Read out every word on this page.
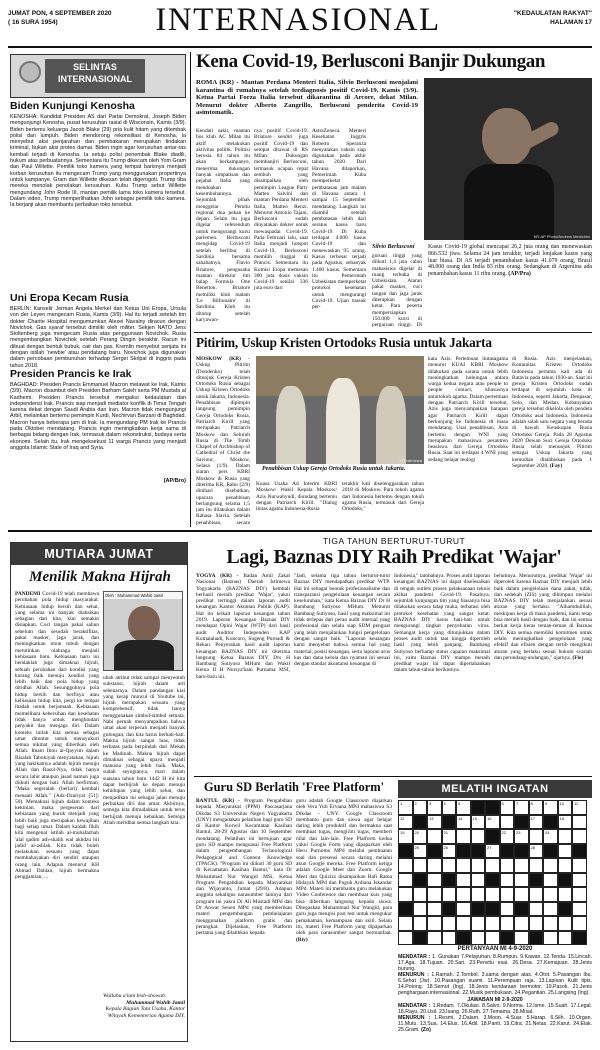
JUMAT PON, 4 SEPTEMBER 2020
( 16 SURA 1954)	INTERNASIONAL	"KEDAULATAN RAKYAT"
HALAMAN 17
SELINTAS
INTERNASIONAL
Biden Kunjungi Kenosha
KENOSHA: Kandidat Presiden AS dari Partai Demokrat, Joseph Biden mengunjungi Kenosha, pusat kerusuhan rasial di Wisconsin, Kamis (3/9). Biden bertemu keluarga Jacob Blake (29) pria kulit hitam yang ditembak polisi dan lumpuh. Biden mendorong rekonsiliasi di Kenosha, la menyebut aksi penjarahan dan pembakaran merupakan tindakan kriminal, bukan aksi protes damai. Biden ingin agar kerusuhan antar-ras kembali terjadi di Kenosha. Ia setuju polisi penembak Blake diadili, hukum atas perbuatannya. Sementara itu Trump dikecam oleh Yom Gram dan Paul Willette. Pemilik toko kamera yang tempat barisnya menjadi korban kerusuhan itu mengecam Trump yang menggunakan propertinya untuk kampanye. Gram dan Willette dikesan telah digerogoti. Trump tiba mereka menolak penolakan kerusuhan. Kubu Trump sebut Willette mengundang John Rode III, mantan pemilik lama toko kamera tersebut. Dalam video, Trump memperlihatkan John sebagai pemilik toko kamera. Ia berjanji akan membantu perbaikan toko tersebut.
Uni Eropa Kecam Rusia
BERLIN: Kanselir Jerman Angela Merkel dan Ketua Uni Eropa, Ursula von der Leyen mengecam Rusia, Kamis (3/9). Hal itu terjadi setelah tim dokter Charite Hospital mengumumkan Alexei Navalny diracun dengan Novichok. Gas syaraf tersebut dimiliki oleh militer. Sekjen NATO Jens Stoltenberg juga mengecam Rusia atas penggunaan Novichok. Rusia mengembangkan Novichok setelah Perang Dingin berakhir. Racun ini dibuat dengan bentuk bubuk, cair dan gas. Kremlin menyebut senjata ini dengan istilah 'newbie' atau pendatang baru. Novichok juga digunakan dalam percobaan pembunuhan terhadap Sergei Skripal di Inggris pada tahun 2018.
Presiden Prancis ke Irak
BAGHDAD: Presiden Prancis Emmanuel Macron melawat ke Irak, Kamis (3/9). Macron disambut oleh Presiden Barham Saleh serta PM Mustafa al Kadhemi. Presiden Prancis tersebut mengakui kedaulatan dan independensi Irak. Prancis siap menjadi mediator konflik di Timur Tengah karena dekat dengan Saudi Arabia dan Iran. Macron tidak mengunjungi Arbil, melainkan bertemu pemimpin Kurdi, Nechirvan Barzani di Baghdad. Macron hanya beberapa jam di Irak. Ia mengundang PM Irak ke Prancis pada Oktober mendatang. Prancis ingin meningkatkan kerja sama di berbagai bidang dengan Irak, termasuk dalam rekonstruksi, budaya serta ekonomi. Selain itu, Irak mengeksekusi 11 warga Prancis yang menjadi anggota Islamic State of Iraq and Syria.
(AP/Bro)
Kena Covid-19, Berlusconi Banjir Dukungan
ROMA (KR) - Mantan Perdana Menteri Italia, Silvio Berlusconi menjalani karantina di rumahnya setelah terdiagnosis positif Covid-19, Kamis (3/9). Ketua Partai Forza Italia tersebut dikarantina di Arcore, dekat Milan. Menurut dokter Alberto Zangrillo, Berlusconi penderita Covid-19 asimtomatik.
Kendati sakit, mantan bos klub AC Milan itu aktif melakukan aktivitas politik. Politisi berusia 84 tahun itu akan berkampanye, menerima dukungan banyak simpatisan dan pejabat Italia yang mendoakan kesembuhannya. Sejumlah pihak menggelar Pemilu regional dua pekan ke depan. Selain itu juga digelar referendum untuk mengurangi kursi parlemen. Berlusconi mengidap Covid-19 setelah berlibur di Sardinia bersama sahabatnya, Flavio Briatore, pengusaha mantan direktur tim balap Formula One Benetton. Briatore memiliki klub malam 'Le Billionaire' di Sardinia. Klub itu ditutup setelah karyawan-
nya positif Covid-19. Briatore sendiri juga positif Covid-19 dan sempat dirawat di RS Milan. Dukungan membanjiri Berlusconi, termasuk ucapan cepat sembuh yang disampaikan oleh pemimpin League Party Matteo Salvini dan mantan Perdana Menteri Italia, Matteo Renzi. Menurut Antonio Tajani, Berlusconi sudah dinyatakan dokter untuk mewaspadai Covid-19. Pada Februari lalu, saat Italia menjadi hotspot Covid-19, Berlusconi memilih tinggal di Prancis. Sementara itu Komisi Eropa memesan 300 juta dosis vaksin Covid-19 senilai 336 juta euro dari
AstraZeneca. Menteri Kesehatan Inggris Roberto Speranza menyatakan vaksin siap digunakan pada akhir tahun 2020. Dari Havana dilaporkan, Pemerintah Kuba memperketat pembatasan jam malam di Havana antara 1 sampai 15 September mendatang. Langkah ini diambil setelah pembatasan lebih dari seratus kasus baru Covid-19. Di Kuba terdapat 4.000 kasus Covid-19 dan menewaskan 95 orang. Kasus terbesar terjadi pada Agustus, sebanyak 1.400 kasus. Sementara itu Pemerintah Uzbekistan memperketat protokol kesehatan untuk mengurangi Covid-19. Ujian masuk per-
KR-AP Photo/Andrew Medichini
Silvio Berlusconi
guruan tinggi yang diikuti 1,4 juta calon mahasiswa digelar di ruang terbuka di Uzbekistan. Ataran pakai masker, cuci tangan dan jaga jarak diterapkan dengan ketat. Para peserta mempersiapkan 150.000 kursi di perguruan tinggi. Di
Kasus Covid-19 global mencapai 26,2 juta orang dan menewaskan 866.532 jiwa. Selama 24 jam terakhir, terjadi lonjakan kasus yang luar biasa. Di AS terjadi penambahan kasus 41.079 orang, Brasil 48.000 orang dan India 83 ribu orang. Sedangkan di Argentina ada penambahan kasus 11 ribu orang. (AP/Pra)
Pitirim, Uskup Kristen Ortodoks Rusia untuk Jakarta
MOSKOW (KR) - Uskup Pitirim (Dondenko) telah ditunjuk Gereja Kristen Ortodoks Rusia sebagai Uskup Kristen Ortodoks untuk Jakarta, Indonesia. Penahbisan dipimpin langsung pemimpin Gereja Ortodoks Rusia, Patriarch Kirill yang merupakan Patriarch Moskow dan Seluruh Rusia di The Tomb Chapel of Archbishop of Cathedral of Christ the Saviour, Moskow, Selasa (1/9). Dalam siaran pers KBRI Moskow di Rusia yang diterima KR, Rabu (2/9) dinihari disebutkan, upacara penahbisan berlangsung selama 1,5 jam itu dilakukan dalam Bahasa Slavia. Setelah penahbisan, secara
KR-istimewa
Penahbisan Uskup Gereja Ortodoks Rusia untuk Jakarta.
Kuasa Usaha Ad Interim KBRI Moskow/ Wakil Kepala Moskow/ Azis Nurwahyudi, diundang bertemu dengan Patriarch Kirill. "Dialog lintas agama Indonesia-Rusia
terakhir kali diselenggarakan tahun 2018 di Moskow. Para tokoh agama dari Indonesia bertemu dengan tokoh agama Rusia, termasuk dari Gereja Ortodoks,"
kata Azis. Pertemuan lintasagama menurut KUAI KBRI Moskow dilakukan pada sarana untuk lebih meningkatkan hubungan antara warga kedua negara atau people to people contact, khususnya antartokoh agama. Dalam pertemuan dengan Patriarch Kirill tersebut, Azis juga menyampaikan harapan agar Patriarch Kirill dapat berkunjung ke Indonesia di masa mendatang. Usai penahbisan, Azis bertemu dengan WNI yang merupakan mahasiswa pesantren beasiswa dari Gereja Ortodoks Rusia. Saat ini terdapat 4 WNI yang sedang belajar teologi
di Rusia. Azis menjelaskan, Komunitas Kristen Ortodoks Indonesia pertama kali ada di Batavia pada tahun 1930-an. Saat ini gereja Kristen Ortodoks sudah terdapat di sejumlah kota di Indonesia, seperti Jakarta, Denpasar, Solo, dan Medan. Kebanyakan gereja tersebut dikelola oleh pendeta Ortodoks asal Indonesia. Indonesia adalah salah satu negara yang berada di bawah Keuskupan Rusia Ortodoks Gereja. Pada 28 Agustus 2020 Dewan Suci Gereja Ortodoks Rusia telah menunjuk Pitirim sebagai Uskup Jakarta yang kemudian ditahbiskan pada 1 September 2020. (Fay)
MUTIARA JUMAT
Menilik Makna Hijrah
PANDEMI Covid-19 telah membawa perubahan pola hidup masyarakat. Kebiasaan hidup bersih dan sehat, yang selama ini banyak diabaikan sebagian dari kita, kini semakin disiapkan. Cuci tangan pakai sabun sebelum dan sesudah beraktifitas, pakai masker, jaga jarak, dan meningkatkan imun tubuh dengan merutinkan olahraga menjadi kebiasaan baru. Kebiasaan baru ini hendaklah juga dimaknai hijrah, sebuah perubahan dari kondisi yang kurang baik menuju kondisi yang lebih baik dan pola hidup yang diridhai Allah. Sesungguhnya pola hidup bersih dan berfisya atau kebiasaan hidup kita, pergi ke tempat ibadah untuk berjamaah. Kebiasaan memelihara kebersihan dan kesehatan tidak hanya untuk menghindari penyakit dan menjaga diri. Dalam konteks inilah kita semua sebagai umat dituntut untuk mensyukuri semua nikmat yang diberikan oleh Allah. Imam Ibnu al-Qayyim dalam Risalah Tabukiyah menyatakan, hijrah yang hakikatnya adalah hijrah menuju Allah dan Rasul-Nya, tidak hanya secara lahir ataupun jasad namun juga diikuti dengan hati. Allah berfirman, "Maka segeralah (berlari) kembali menaati Allah." (Adz-Dzariyat [51]: 50). Memaknai hijrah dalam konteks kekinian, maka pergeseran dari kebiasaan yang buruk menjadi yang lebih baik juga merupakan kewajiban bagi setiap umat. Dalam kaidah fikih kita mengenal istilah al-muhafazhah 'alal qadim ash-shalih wal akhdzu bil jadid al-ashlah. Kita tidak boleh melakukan sesuatu yang dapat membahayakan diri sendiri ataupun orang lain. Adapun menurut KH Ahmad Dahlan, hijrah bermakna penggantian, ...
Oleh : Muhammad Wahib Jamil
ubah atribut tidak sampai menyentuh substansi, hijrah dalam arti sebenarnya. Dalam pandangan kiai yang kerap muncul di Youtube ini, hijrah merupakan sesuatu yang komprehensif, tidak hanya menggunakan simbol-simbol semata. Nabi pernah menyampaikan bahwa umat akan terpecah menjadi banyak golongan, dan kita harus berhati-hati. Makna hijrah sangat luas, tidak terbatas pada berpindah dari Mekah ke Madinah. Makna hijrah dapat dimaknai sebagai upaya menjadi manusia yang lebih baik. Maka, sudah seyogianya, mari dalam suasana tahun baru 1442 H ini kita dapat berhijrah ke depan menuju kehidupan yang lebih sehat, dan menjadikan ini sebagai jalan menuju perbaikan diri dan umat. Akhirnya, semoga kita dimudahkan untuk terus berhijrah menuju kebaikan. Semoga Allah meridhai semua langkah kita.
Wallahu a'lam bish-showab.
Muhammad Wahib Jamil
Kepala Bagian Tata Usaha, Kantor Wilayah Kementerian Agama DIY.
TIGA TAHUN BERTURUT-TURUT
Lagi, Baznas DIY Raih Predikat 'Wajar'
YOGYA (KR) - Badan Amil Zakat Nasional (Baznas) Daerah Istimewa Yogyakarta (BAZNAS DIY) kembali berhasil meraih predikat 'Wajar', yakni predikat tertinggi dalam laporan audit keuangan Kantor Akuntan Publik (KAP). Hal itu terkait laporan keuangan tahun 2019. Laporan Keuangan Baznas DIY mendapat Opini Wajar (WTP) dari hasil audit Auditor Independen KAP Kumalahadi, Kuncoro, Sugeng Purnadi & Rekan. Penyerahan hasil audit laporan keuangan BAZNAS DIY ini diterima langsung Ketua Baznas DIY Drs H Bambang Sutiyoso MHum dan Wakil Ketua II H Nursya'bani Purnama MSI, baru-baru ini.
"Jadi, selama tiga tahun berturut-turut Baznas DIY mendapatkan predikat WTP. Hal ini sebagai bentuk profesionalisme dan transparansi pengelolaan keuangan secara keseluruhan," kata Ketua Baznas DIY Dr H Bambang Sutiyoso MHum. Menurut Bambang Sutiyoso, hasil yang maksimal ini tidak terlepas dari peran audit internal yang profesional dan selalu siap SDM penguat yang telah menjalankan fungsi pengelolaan dengan sangat baik. "Laporan keuangan kami menyebut bahwa semua hal yang material, posisi keuangan, serta laporan arus kas dan dana kelola dan nyaman ini sesuai dengan standar akuntansi keuangan di
Indonesia," tambahnya. Proses audit laporan keuangan BAZNAS ini dapat diselesaikan di tengah outlets proses pelaksanaan teknis akibat pandemi Covid-19. Pasalnya, sejumlah kunjungan tim yang biasanya bisa dilakukan secara tatap muka, terbatasi oleh protokol kesehatan yang sangat ketat. BAZNAS DIY harus hati-hati untuk mengurangi tingkat penyebaran virus. Semangat kerja yang ditunjukkan dalam proses audit untuk taat hingga diperoleh hasil yang lebih panjang. Bambang Sutiyoso berharap status capaian maksimal ini, yaitu Baznas DIY mampu meraih predikat wajar ini dapat dipertahankan dalam tahun-tahun berikutnya.
belumnya. Menurutnya, predikat 'Wajar' ini diperoleh karena Baznas DIY menjadi lebih baik dalam pengelolaan dana zakat, infak, dan sedekah (ZIS) yang dihimpun melalui BAZNAS DIY telah menjalankan sesuai aturan yang berlaku. "Alhamdulillah, meskipun kerja di masa pandemi, kami tetap bisa meraih hasil dengan baik, dan ini semua berkat kerja keras teman-teman di Baznas DIY. Kita semua memiliki komitmen untuk selalu meningkatkan pengelolaan yang efektif dan efisien dengan tertib mengikuti aturan yang berlaku sesuai hukum syariah dan perundang-undangan," ujarnya. (Fie)
Guru SD Berlatih 'Free Platform'
BANTUL (KR) - Program Pengabdian kepada Masyarakat (PPM) Pascasarjana Dikdas S3 Universitas Negeri Yogyakarta (UNY) mengadakan pelatihan bagi guru SD di Kantor Korwil Kecamatan Kasihan Bantul, 28-29 Agustus dan 10 September mendatang. Pelatihan ini bertujuan agar guru SD mampu menguasai Free Platform dalam pengembangan Technological Pedagogical and Content Knowledge (TPACK). "Program ini diikuti 30 guru SD di Kecamatan Kasihan Bantul," kata Dr Muhammad Nur Wangid MSi, Ketua Program Pengabdian kepada Masyarakat dan Wijayanto, Jumat (29/8). Adapun anggota sekaligus narasumber lainnya dari program ini yakni Dr Ali Mustadi MPd dan Dr Anwar Senen MPd yang memberikan materi pengembangan pembelajaran menggunakan platform gratis dan perangkat. Dijelaskan, Free Platform pertama yang dilatihkan kepada
guru adalah Google Classroom diajarkan oleh Vera Yuli Erviana MPd mahasiswa S3 Dikdas - UNY. Google Classroom membantu guru dan siswa agar belajar daring lebih produktif dan bermakna saat membuat tugas, mengirim tugas, memberi nilai dan lain-lain. Free Platform kedua yakni Google Form yang dipaparkan oleh Heru Purnomo MPd melalui pembuatan soal dan presensi secara daring melalui akun Google mereka. Free Platform ketiga adalah Google Meet dan Zoom. Google Meet dan Quizizz disampaikan Rafi Ratna Hidayah MPd dan Puguh Ardiana Iskandar MPd. Materi ini membantu guru melakukan Video Conference dan membuat kuis yang bisa diberikan langsung kepada siswa. Ditegaskan Muhammad Nur Wangid, para guru juga mengisi post test untuk mengukur pemahaman, kemampuan dan skill. Selain itu, materi Free Platform yang dipaparkan oleh para narasumber sangat bermanfaat. (Riy)
MELATIH INGATAN
1	2	3	4	5	6	7	8	9	10	11
12	13	14	15	16	17	18
19	20	21	22	23	24
25	26	27	28
PERTANYAAN MI 4-9-2020
MENDATAR : 1. Gunakan 7.Pelayuhan. 8.Rumpun. 9.Kawan. 12.Tenda. 15.Lincah. 17.Aga. 18.Tujuan. 20.Sari. 23.Penvitu esai. 26.Desa. 27.Kemajuan. 28.Jenis burung.
MENURUN : 1.Ramah. 2.Tombol. 3.sama dengan atas. 4.Otot. 5.Pasangan Ibu. 6.Sehat (Jw). 10.Pasangan suami. 11.Perempuan raja. 13.Lapisan Kulit tipis. 14.Potong. 18.Semut (Ing). 18.Jenis kendaraan bermotor. 19.Pasok. 21.Jenis penghargaan internasional. 22.Musik pembukaan. 24.Pegantian. 25.Langsing (Ing).
JAWABAN MI 2-9-2020
MENDATAR : 1.Redam. 7.Okulasi. 8.Salvo. 9.Norma. 12.Isme. 15.Suah. 17.Legal. 18.Rayu. 20.Usil. 23.Isang. 26.Ruth. 27.Temama. 28.Misal.
MENURUN : 1.Resmi. 2.Dalam. 3.Moon. 4.Suar. 5.Harap. 6.Silh. 10.Organ. 11.Mutu. 13.Sua. 14.Elus. 16.Adil. 18.Panti. 19.Citra. 21.Netas. 22.Karut. 24.Elak. 25.Gram. (Zo)
